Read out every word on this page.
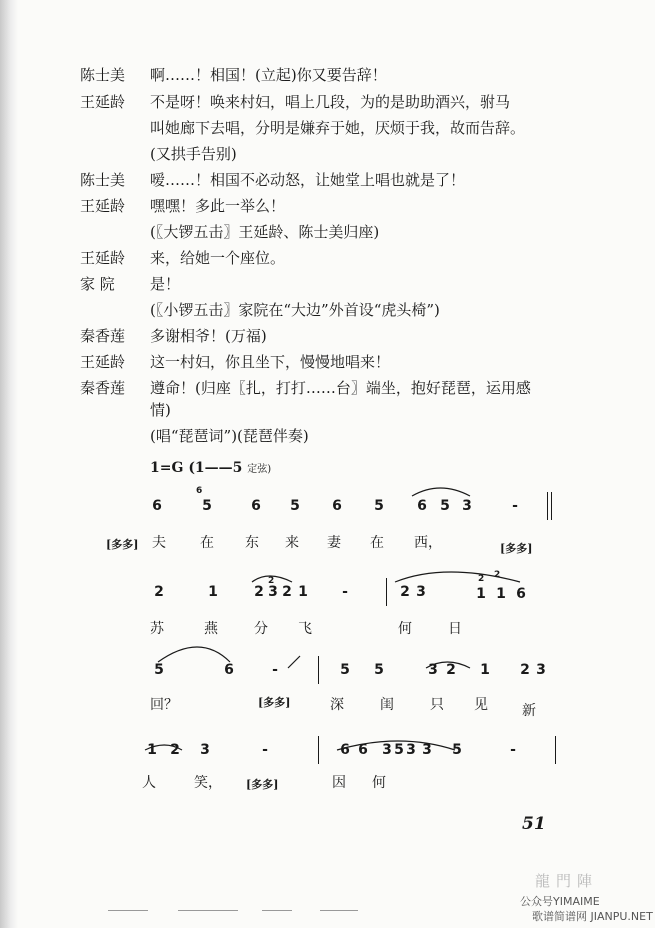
陈士美	啊……！相国！(立起)你又要告辞！
王延龄	不是呀！唤来村妇，唱上几段，为的是助助酒兴，驸马
叫她廊下去唱，分明是嫌弃于她，厌烦于我，故而告辞。
(又拱手告别)
陈士美	嗳……！相国不必动怒，让她堂上唱也就是了！
王延龄	嘿嘿！多此一举么！
(〖大锣五击〗王延龄、陈士美归座)
王延龄	来，给她一个座位。
家 院	是！
(〖小锣五击〗家院在“大边”外首设“虎头椅”)
秦香莲	多谢相爷！(万福)
王延龄	这一村妇，你且坐下，慢慢地唱来！
秦香莲	遵命！(归座〖扎，打打……台〗端坐，抱好琵琶，运用感
情)
(唱“琵琶词”)(琵琶伴奏)
1=G (1——5 定弦)
6
6
5	6 5 6 5 6 5 3	-
[多多] 夫 在 东 来 妻 在 西，	[多多]
2	1	2
2
3 2 1 -	2 3
2 2
1 1 6
苏	燕	分 飞	何	日
5	6	-	5 5	3 2 1 2 3
回？	[多多]	深	闺	只 见 新
1 2 3	-	6 6 3 5 3 3 5	-
人	笑， [多多]	因 何
51
龍門陣
公众号YIMAIME
歌谱简谱网 JIANPU.NET
